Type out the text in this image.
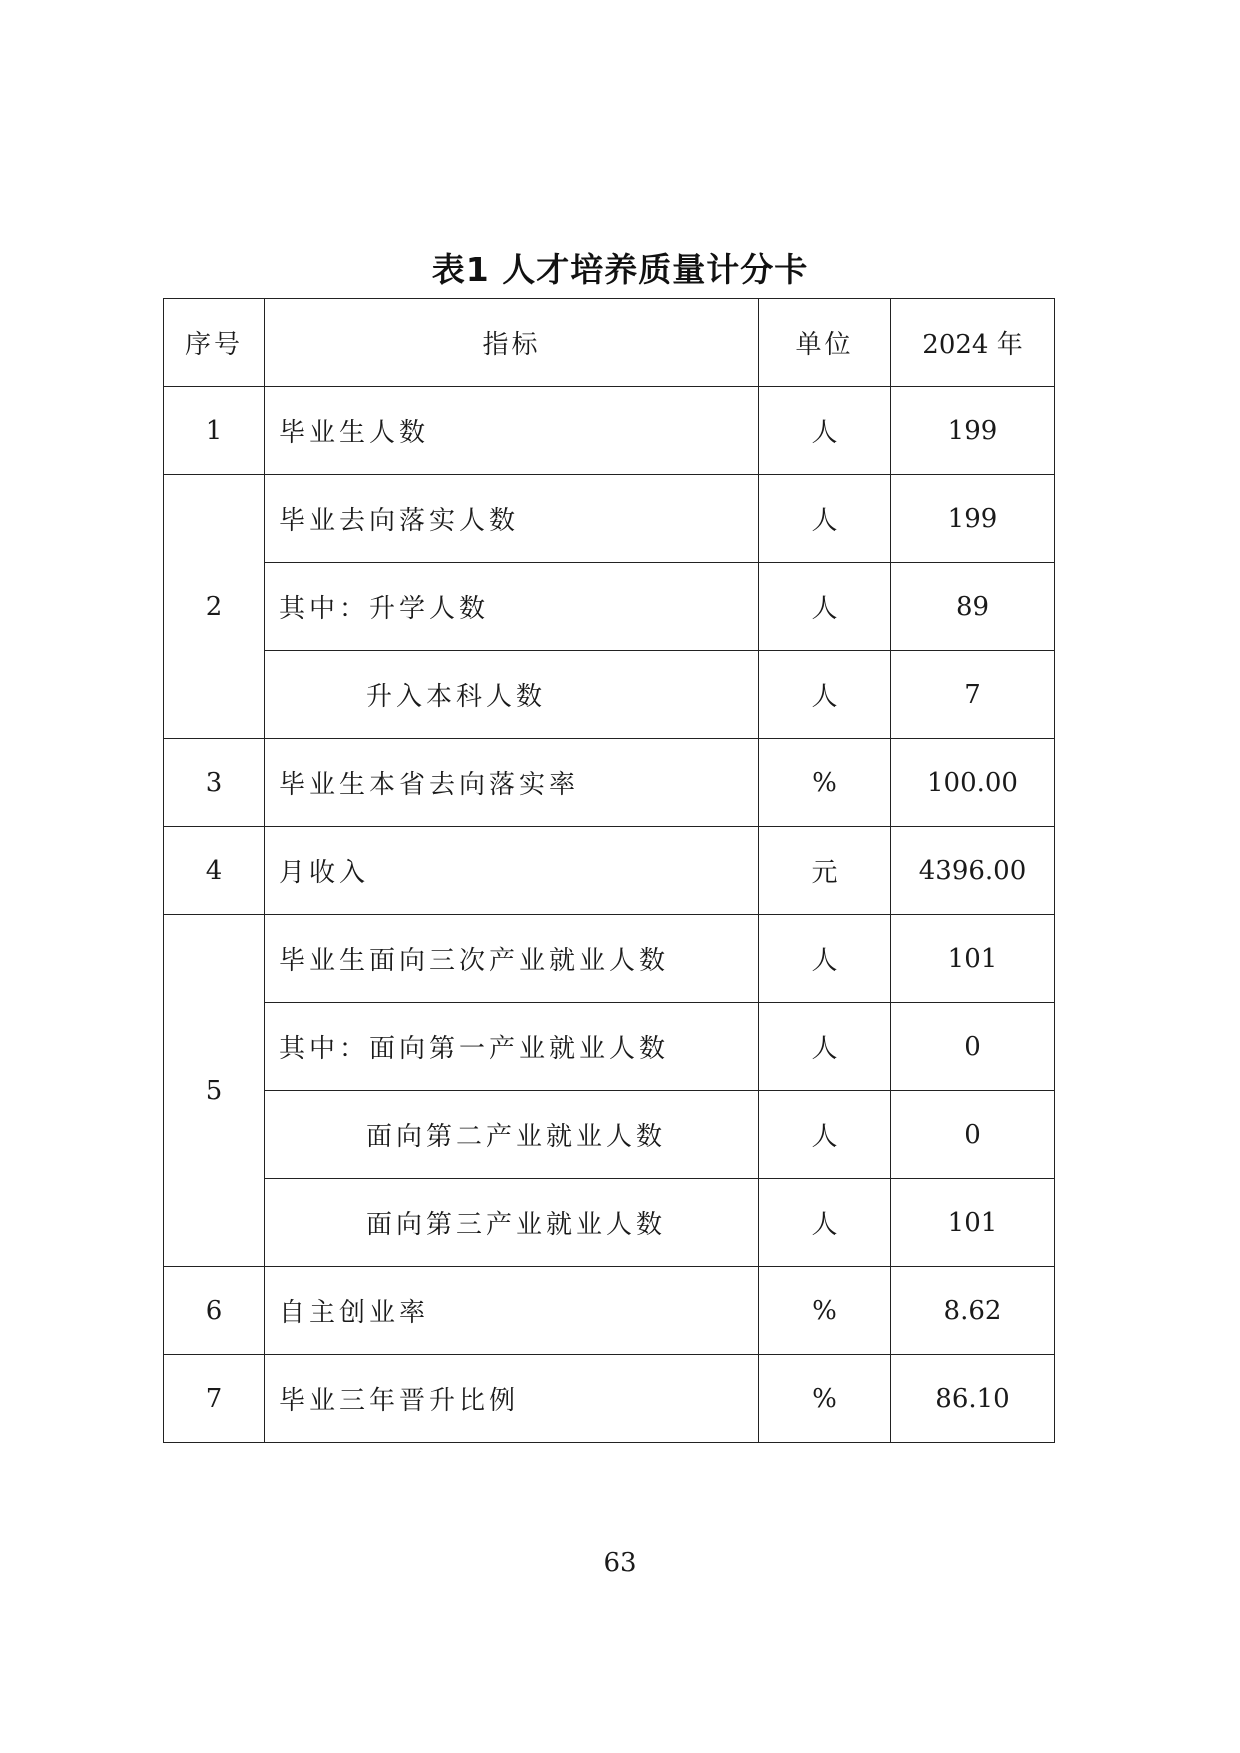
表1 人才培养质量计分卡
序号	指标	单位	2024 年
1	毕业生人数	人	199
2	毕业去向落实人数	人	199
	其中：升学人数	人	89
	升入本科人数	人	7
3	毕业生本省去向落实率	%	100.00
4	月收入	元	4396.00
5	毕业生面向三次产业就业人数	人	101
	其中：面向第一产业就业人数	人	0
	面向第二产业就业人数	人	0
	面向第三产业就业人数	人	101
6	自主创业率	%	8.62
7	毕业三年晋升比例	%	86.10
63
